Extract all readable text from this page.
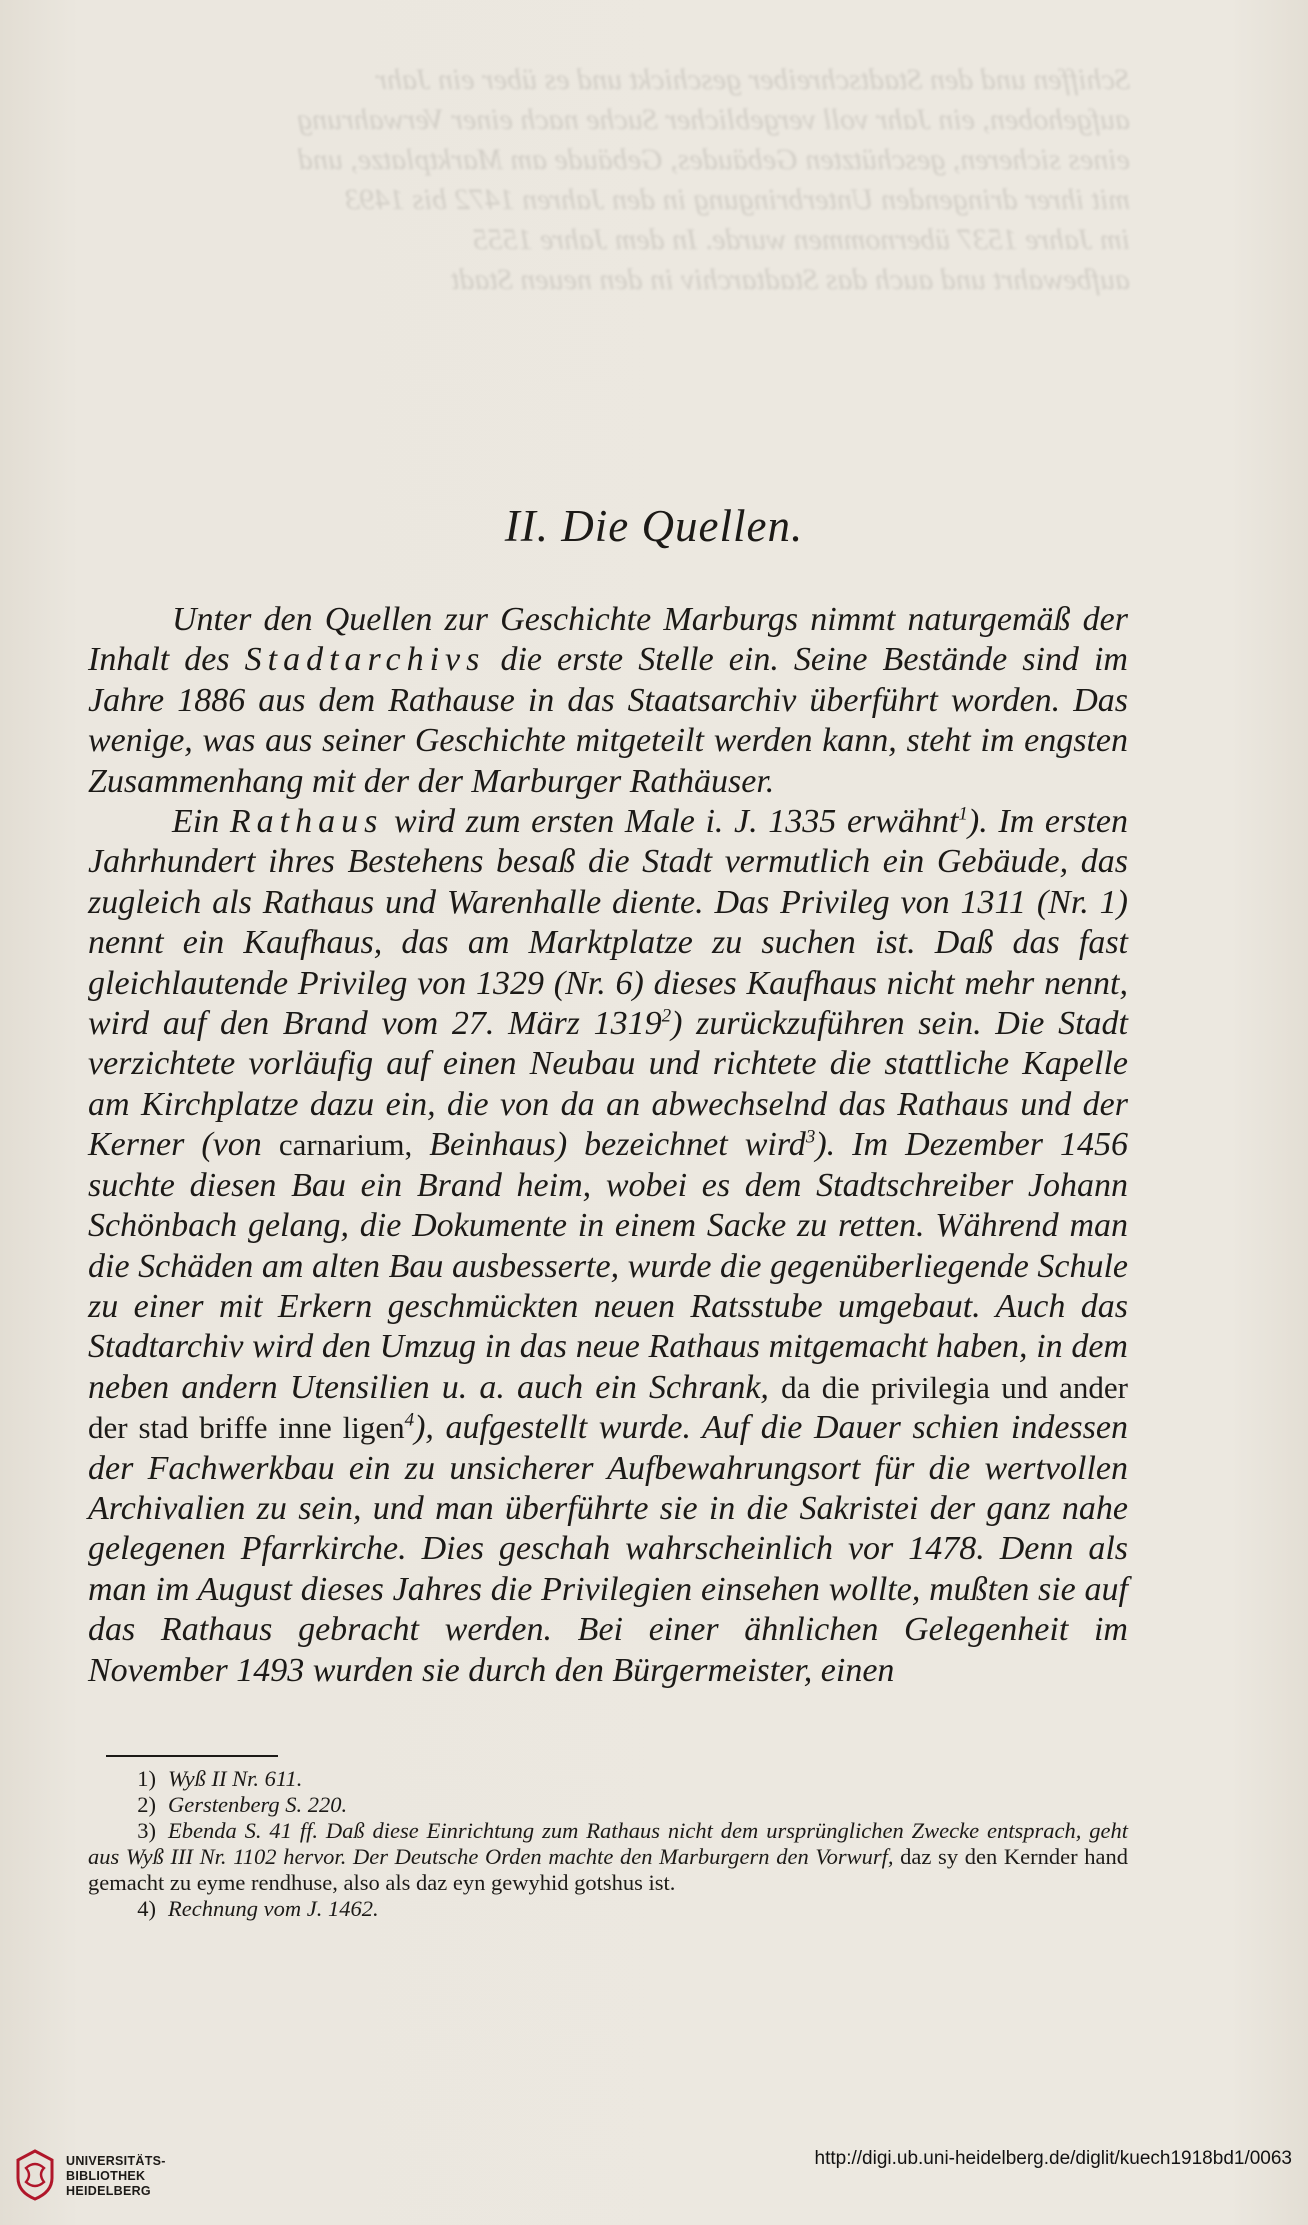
Schiffen und den Stadtschreiber geschickt und es über ein Jahr

aufgehoben, ein Jahr voll vergeblicher Suche nach einer Verwahrung

eines sicheren, geschützten Gebäudes, Gebäude am Marktplatze, und

mit ihrer dringenden Unterbringung in den Jahren 1472 bis 1493

im Jahre 1537 übernommen wurde. In dem Jahre 1555

aufbewahrt und auch das Stadtarchiv in den neuen Stadt

II. Die Quellen.

Unter den Quellen zur Geschichte Marburgs nimmt naturgemäß der Inhalt des Stadtarchivs die erste Stelle ein. Seine Bestände sind im Jahre 1886 aus dem Rathause in das Staatsarchiv überführt worden. Das wenige, was aus seiner Geschichte mitgeteilt werden kann, steht im engsten Zusammenhang mit der der Marburger Rathäuser.

Ein Rathaus wird zum ersten Male i. J. 1335 erwähnt$^1$). Im ersten Jahrhundert ihres Bestehens besaß die Stadt vermutlich ein Gebäude, das zugleich als Rathaus und Warenhalle diente. Das Privileg von 1311 (Nr. 1) nennt ein Kaufhaus, das am Marktplatze zu suchen ist. Daß das fast gleichlautende Privileg von 1329 (Nr. 6) dieses Kaufhaus nicht mehr nennt, wird auf den Brand vom 27. März 1319$^2$) zurückzuführen sein. Die Stadt verzichtete vorläufig auf einen Neubau und richtete die stattliche Kapelle am Kirchplatze dazu ein, die von da an abwechselnd das Rathaus und der Kerner (von carnarium, Beinhaus) bezeichnet wird$^3$). Im Dezember 1456 suchte diesen Bau ein Brand heim, wobei es dem Stadtschreiber Johann Schönbach gelang, die Dokumente in einem Sacke zu retten. Während man die Schäden am alten Bau ausbesserte, wurde die gegenüberliegende Schule zu einer mit Erkern geschmückten neuen Ratsstube umgebaut. Auch das Stadtarchiv wird den Umzug in das neue Rathaus mitgemacht haben, in dem neben andern Utensilien u. a. auch ein Schrank, da die privilegia und ander der stad briffe inne ligen$^4$), aufgestellt wurde. Auf die Dauer schien indessen der Fachwerkbau ein zu unsicherer Aufbewahrungsort für die wertvollen Archivalien zu sein, und man überführte sie in die Sakristei der ganz nahe gelegenen Pfarrkirche. Dies geschah wahrscheinlich vor 1478. Denn als man im August dieses Jahres die Privilegien einsehen wollte, mußten sie auf das Rathaus gebracht werden. Bei einer ähnlichen Gelegenheit im November 1493 wurden sie durch den Bürgermeister, einen

1) Wyß II Nr. 611.

2) Gerstenberg S. 220.

3) Ebenda S. 41 ff. Daß diese Einrichtung zum Rathaus nicht dem ursprünglichen Zwecke entsprach, geht aus Wyß III Nr. 1102 hervor. Der Deutsche Orden machte den Marburgern den Vorwurf, daz sy den Kernder hand gemacht zu eyme rendhuse, also als daz eyn gewyhid gotshus ist.

4) Rechnung vom J. 1462.

UNIVERSITÄTS-
BIBLIOTHEK
HEIDELBERG
http://digi.ub.uni-heidelberg.de/diglit/kuech1918bd1/0063
